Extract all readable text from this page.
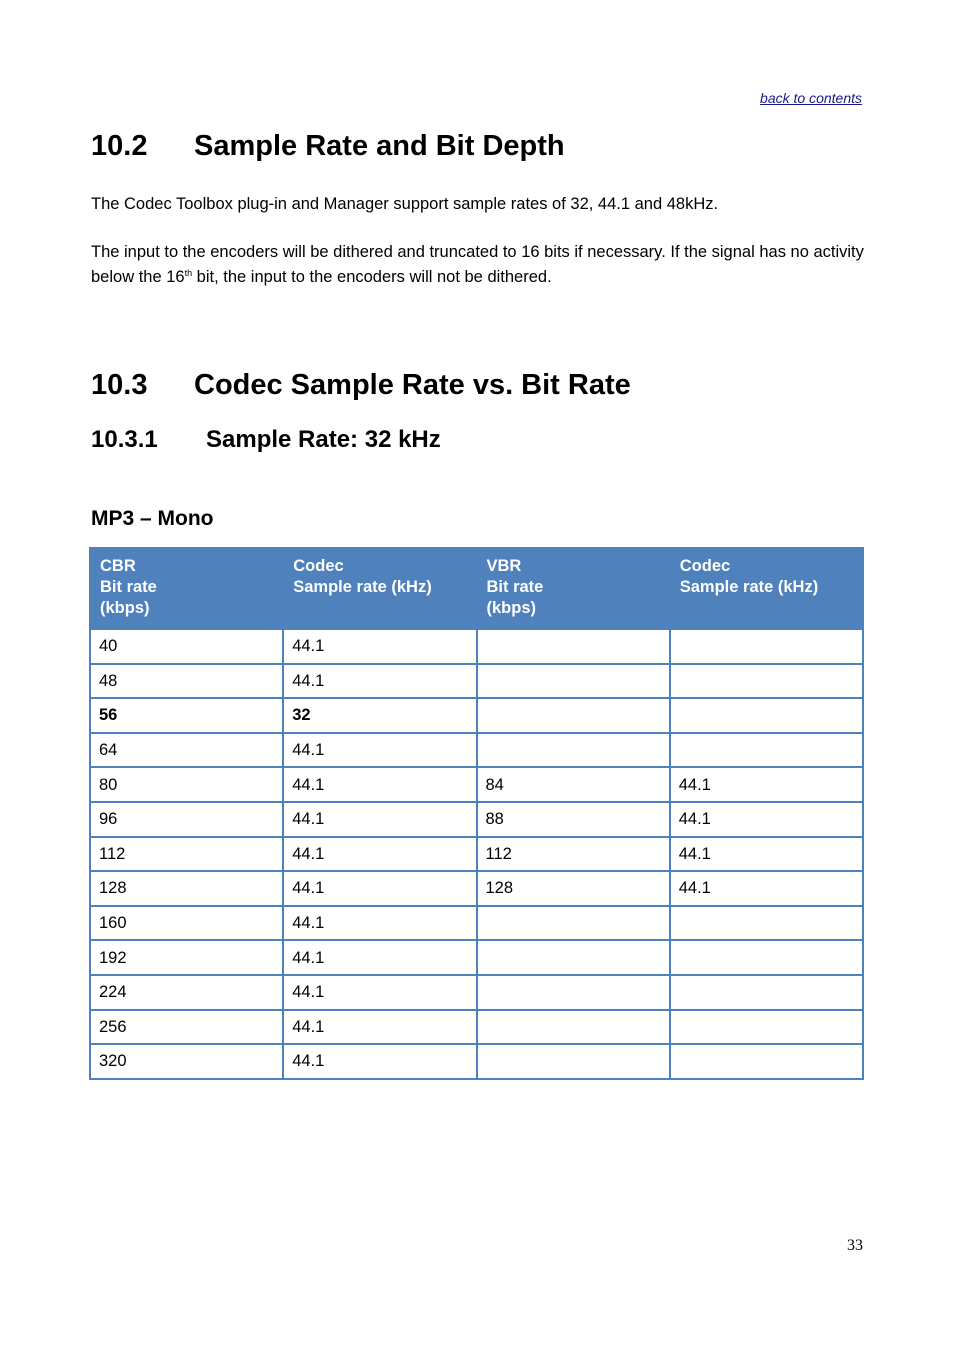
back to contents
10.2 Sample Rate and Bit Depth

The Codec Toolbox plug-in and Manager support sample rates of 32, 44.1 and 48kHz.

The input to the encoders will be dithered and truncated to 16 bits if necessary. If the signal has no activity below the 16th bit, the input to the encoders will not be dithered.

10.3 Codec Sample Rate vs. Bit Rate
10.3.1 Sample Rate: 32 kHz
MP3 – Mono
CBR
Bit rate
(kbps)	Codec
Sample rate (kHz)	VBR
Bit rate
(kbps)	Codec
Sample rate (kHz)
40	44.1		
48	44.1		
56	32		
64	44.1		
80	44.1	84	44.1
96	44.1	88	44.1
112	44.1	112	44.1
128	44.1	128	44.1
160	44.1		
192	44.1		
224	44.1		
256	44.1		
320	44.1		
33
